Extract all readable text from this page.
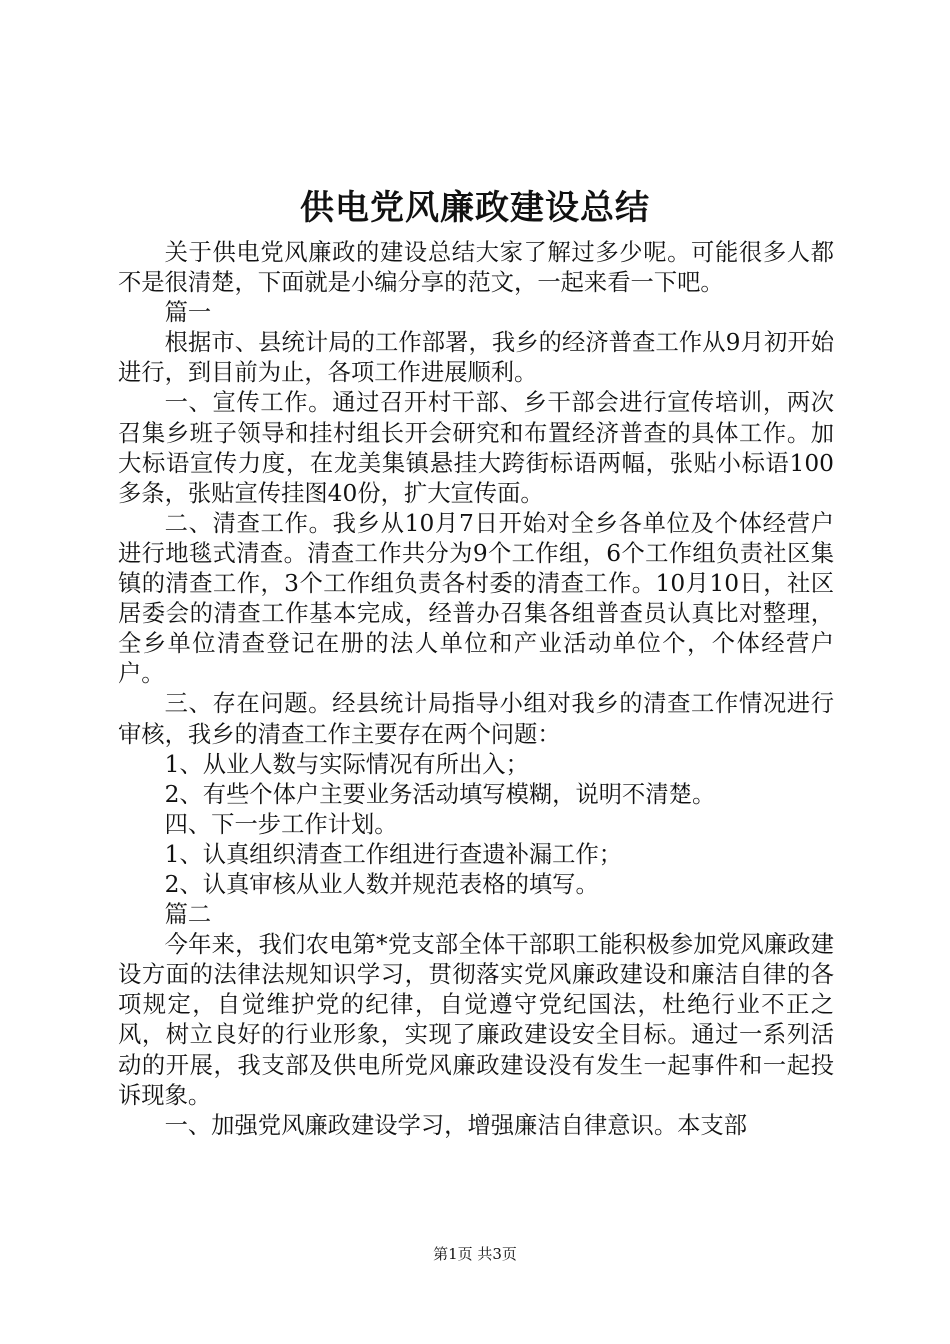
供电党风廉政建设总结

关于供电党风廉政的建设总结大家了解过多少呢。可能很多人都不是很清楚，下面就是小编分享的范文，一起来看一下吧。

篇一

根据市、县统计局的工作部署，我乡的经济普查工作从9月初开始进行，到目前为止，各项工作进展顺利。

一、宣传工作。通过召开村干部、乡干部会进行宣传培训，两次召集乡班子领导和挂村组长开会研究和布置经济普查的具体工作。加大标语宣传力度，在龙美集镇悬挂大跨街标语两幅，张贴小标语100多条，张贴宣传挂图40份，扩大宣传面。

二、清查工作。我乡从10月7日开始对全乡各单位及个体经营户进行地毯式清查。清查工作共分为9个工作组，6个工作组负责社区集镇的清查工作，3个工作组负责各村委的清查工作。10月10日，社区居委会的清查工作基本完成，经普办召集各组普查员认真比对整理，全乡单位清查登记在册的法人单位和产业活动单位个，个体经营户户。

三、存在问题。经县统计局指导小组对我乡的清查工作情况进行审核，我乡的清查工作主要存在两个问题：

1、从业人数与实际情况有所出入；

2、有些个体户主要业务活动填写模糊，说明不清楚。

四、下一步工作计划。

1、认真组织清查工作组进行查遗补漏工作；

2、认真审核从业人数并规范表格的填写。

篇二

今年来，我们农电第*党支部全体干部职工能积极参加党风廉政建设方面的法律法规知识学习，贯彻落实党风廉政建设和廉洁自律的各项规定，自觉维护党的纪律，自觉遵守党纪国法，杜绝行业不正之风，树立良好的行业形象，实现了廉政建设安全目标。通过一系列活动的开展，我支部及供电所党风廉政建设没有发生一起事件和一起投诉现象。

一、加强党风廉政建设学习，增强廉洁自律意识。本支部

第1页 共3页
